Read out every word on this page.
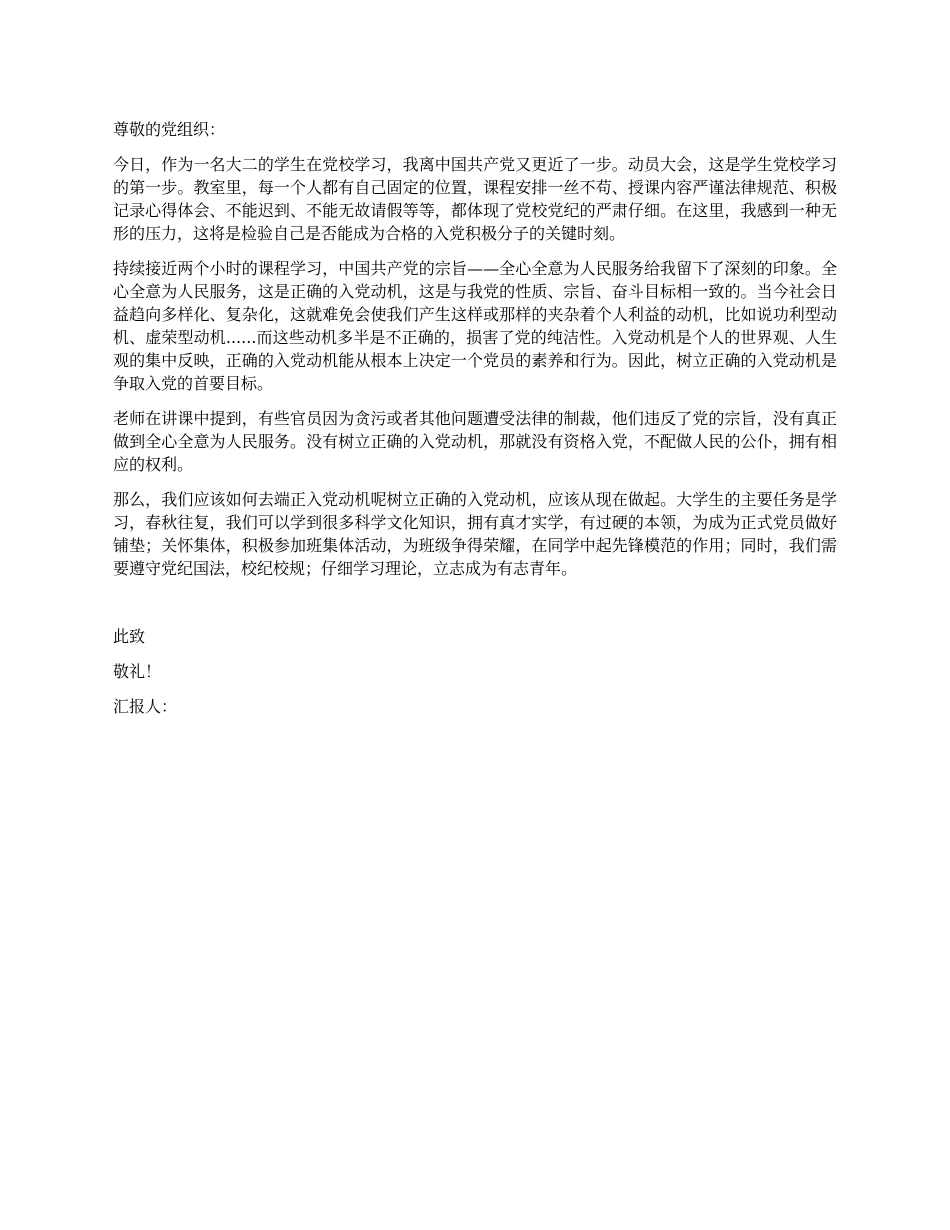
尊敬的党组织：

今日，作为一名大二的学生在党校学习，我离中国共产党又更近了一步。动员大会，这是学生党校学习的第一步。教室里，每一个人都有自己固定的位置，课程安排一丝不苟、授课内容严谨法律规范、积极记录心得体会、不能迟到、不能无故请假等等，都体现了党校党纪的严肃仔细。在这里，我感到一种无形的压力，这将是检验自己是否能成为合格的入党积极分子的关键时刻。

持续接近两个小时的课程学习，中国共产党的宗旨——全心全意为人民服务给我留下了深刻的印象。全心全意为人民服务，这是正确的入党动机，这是与我党的性质、宗旨、奋斗目标相一致的。当今社会日益趋向多样化、复杂化，这就难免会使我们产生这样或那样的夹杂着个人利益的动机，比如说功利型动机、虚荣型动机......而这些动机多半是不正确的，损害了党的纯洁性。入党动机是个人的世界观、人生观的集中反映，正确的入党动机能从根本上决定一个党员的素养和行为。因此，树立正确的入党动机是争取入党的首要目标。

老师在讲课中提到，有些官员因为贪污或者其他问题遭受法律的制裁，他们违反了党的宗旨，没有真正做到全心全意为人民服务。没有树立正确的入党动机，那就没有资格入党，不配做人民的公仆，拥有相应的权利。

那么，我们应该如何去端正入党动机呢树立正确的入党动机，应该从现在做起。大学生的主要任务是学习，春秋往复，我们可以学到很多科学文化知识，拥有真才实学，有过硬的本领，为成为正式党员做好铺垫；关怀集体，积极参加班集体活动，为班级争得荣耀，在同学中起先锋模范的作用；同时，我们需要遵守党纪国法，校纪校规；仔细学习理论，立志成为有志青年。

此致

敬礼！

汇报人：
